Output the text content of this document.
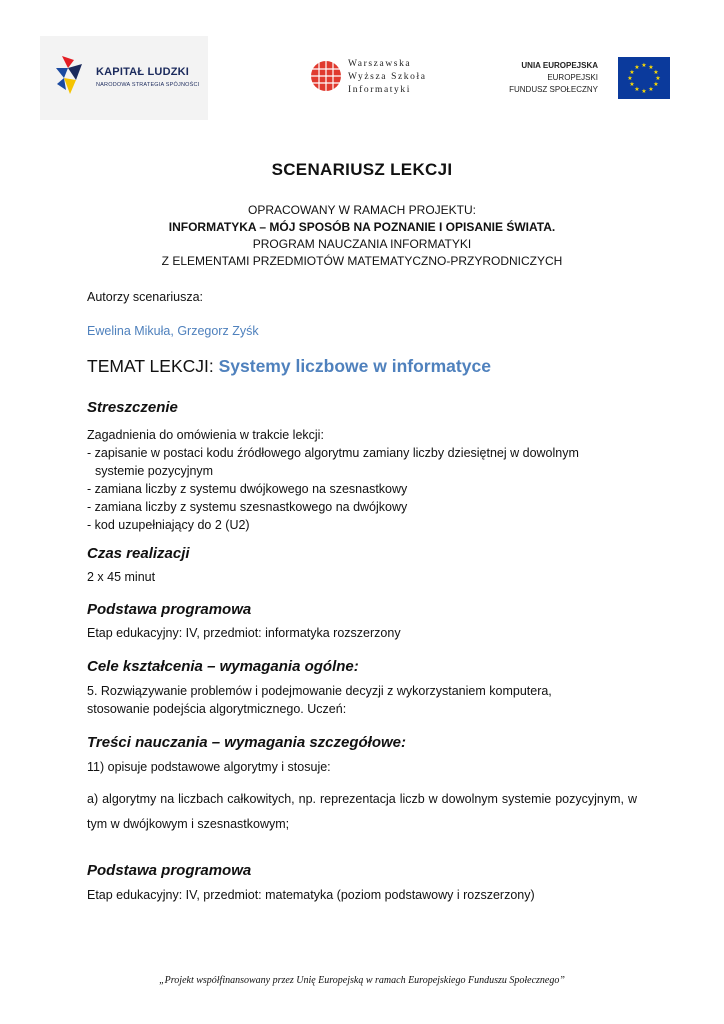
KAPITAŁ LUDZKI
NARODOWA STRATEGIA SPÓJNOŚCI
Warszawska
Wyższa Szkoła
Informatyki
UNIA EUROPEJSKA
EUROPEJSKI
FUNDUSZ SPOŁECZNY
★ ★
★
★
★
★
★
★
★
★
★
★
SCENARIUSZ LEKCJI
OPRACOWANY W RAMACH PROJEKTU:
INFORMATYKA – MÓJ SPOSÓB NA POZNANIE I OPISANIE ŚWIATA.
PROGRAM NAUCZANIA INFORMATYKI
Z ELEMENTAMI PRZEDMIOTÓW MATEMATYCZNO-PRZYRODNICZYCH
Autorzy scenariusza:
Ewelina Mikuła, Grzegorz Zyśk
TEMAT LEKCJI: Systemy liczbowe w informatyce
Streszczenie
Zagadnienia do omówienia w trakcie lekcji:
- zapisanie w postaci kodu źródłowego algorytmu zamiany liczby dziesiętnej w dowolnym
systemie pozycyjnym
- zamiana liczby z systemu dwójkowego na szesnastkowy
- zamiana liczby z systemu szesnastkowego na dwójkowy
- kod uzupełniający do 2 (U2)
Czas realizacji
2 x 45 minut
Podstawa programowa
Etap edukacyjny: IV, przedmiot: informatyka rozszerzony
Cele kształcenia – wymagania ogólne:
5. Rozwiązywanie problemów i podejmowanie decyzji z wykorzystaniem komputera,
stosowanie podejścia algorytmicznego. Uczeń:
Treści nauczania – wymagania szczegółowe:
11) opisuje podstawowe algorytmy i stosuje:
a) algorytmy na liczbach całkowitych, np. reprezentacja liczb w dowolnym systemie pozycyjnym, w tym w dwójkowym i szesnastkowym;
Podstawa programowa
Etap edukacyjny: IV, przedmiot: matematyka (poziom podstawowy i rozszerzony)
„Projekt współfinansowany przez Unię Europejską w ramach Europejskiego Funduszu Społecznego”
